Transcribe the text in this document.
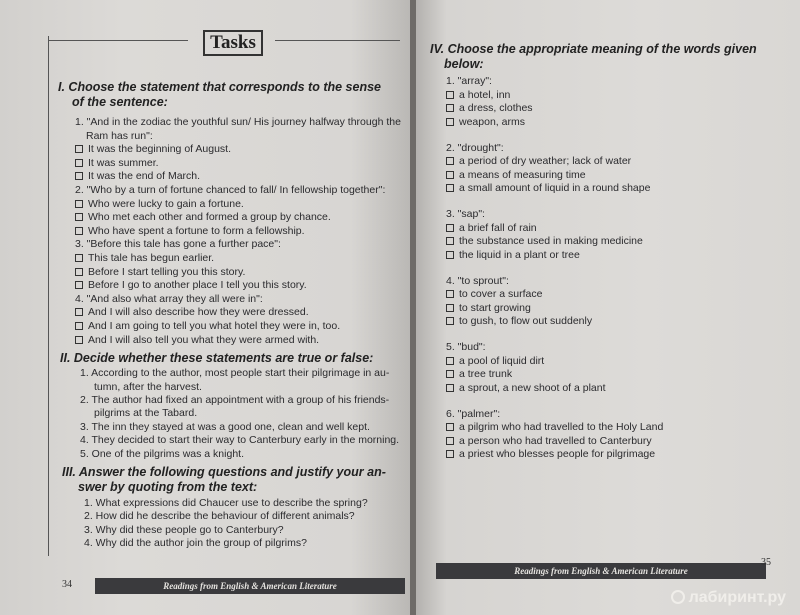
Tasks
I. Choose the statement that corresponds to the sense
of the sentence:
1. "And in the zodiac the youthful sun/ His journey halfway through the
Ram has run":
It was the beginning of August.
It was summer.
It was the end of March.
2. "Who by a turn of fortune chanced to fall/ In fellowship together":
Who were lucky to gain a fortune.
Who met each other and formed a group by chance.
Who have spent a fortune to form a fellowship.
3. "Before this tale has gone a further pace":
This tale has begun earlier.
Before I start telling you this story.
Before I go to another place I tell you this story.
4. "And also what array they all were in":
And I will also describe how they were dressed.
And I am going to tell you what hotel they were in, too.
And I will also tell you what they were armed with.
II. Decide whether these statements are true or false:
1. According to the author, most people start their pilgrimage in au-
tumn, after the harvest.
2. The author had fixed an appointment with a group of his friends-
pilgrims at the Tabard.
3. The inn they stayed at was a good one, clean and well kept.
4. They decided to start their way to Canterbury early in the morning.
5. One of the pilgrims was a knight.
III. Answer the following questions and justify your an-
swer by quoting from the text:
1. What expressions did Chaucer use to describe the spring?
2. How did he describe the behaviour of different animals?
3. Why did these people go to Canterbury?
4. Why did the author join the group of pilgrims?
34	Readings from English & American Literature
IV. Choose the appropriate meaning of the words given
below:
1. "array":
a hotel, inn
a dress, clothes
weapon, arms
2. "drought":
a period of dry weather; lack of water
a means of measuring time
a small amount of liquid in a round shape
3. "sap":
a brief fall of rain
the substance used in making medicine
the liquid in a plant or tree
4. "to sprout":
to cover a surface
to start growing
to gush, to flow out suddenly
5. "bud":
a pool of liquid dirt
a tree trunk
a sprout, a new shoot of a plant
6. "palmer":
a pilgrim who had travelled to the Holy Land
a person who had travelled to Canterbury
a priest who blesses people for pilgrimage
Readings from English & American Literature
35
лабиринт.ру
